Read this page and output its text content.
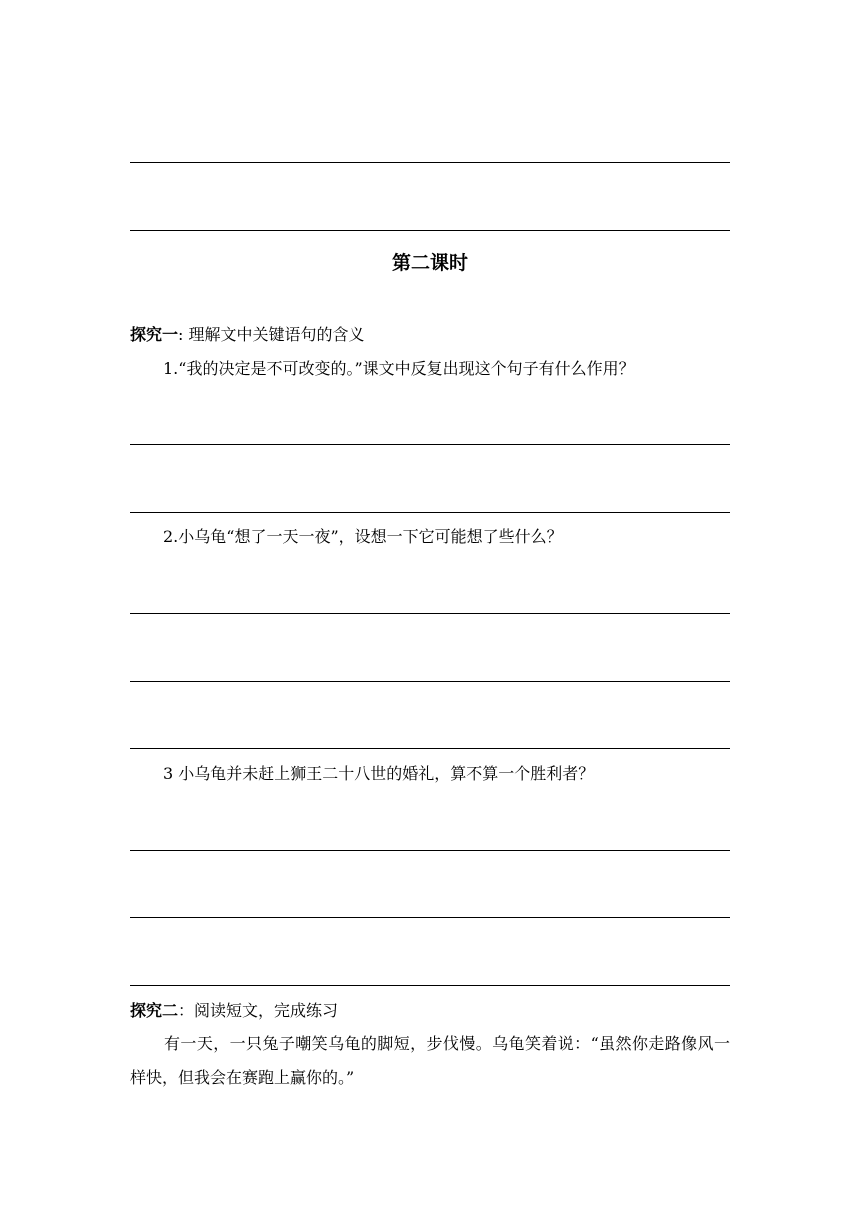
第二课时
探究一: 理解文中关键语句的含义
1.“我的决定是不可改变的。”课文中反复出现这个句子有什么作用？
2.小乌龟“想了一天一夜”，设想一下它可能想了些什么？
3 小乌龟并未赶上狮王二十八世的婚礼，算不算一个胜利者？
探究二：阅读短文，完成练习
有一天，一只兔子嘲笑乌龟的脚短，步伐慢。乌龟笑着说：“虽然你走路像风一样快，但我会在赛跑上赢你的。”
